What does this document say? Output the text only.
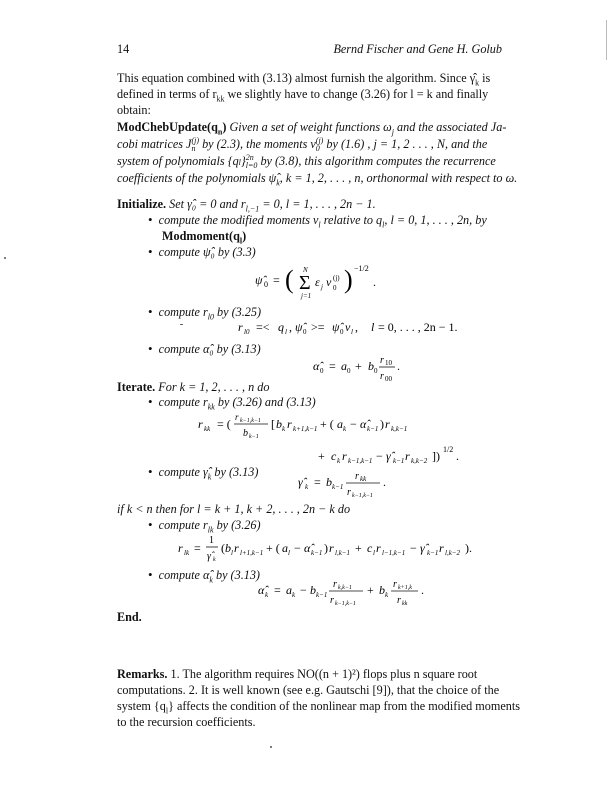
14	Bernd Fischer and Gene H. Golub
This equation combined with (3.13) almost furnish the algorithm. Since $\gammâ_k$ is
defined in terms of $r_{kk}$ we slightly have to change (3.26) for l = k and finally
obtain:
$ModChebUpdate(q_n)$ Given a set of weight functions $\omega_j$ and the associated Ja-
cobi matrices J (j)
n by (2.3), the moments ν (j)
0 by (1.6) , j = 1, 2 . . . , N, and the
system of polynomials {ql} 2n
l=0 by (3.8), this algorithm computes the recurrence
coefficients of the polynomials $\psî_k$, k = 1, 2, . . . , n, orthonormal with respect to ω.
Initialize. Set γ̂₀ = 0 and $r_{l,-1} = 0$, l = 1, . . . , 2n − 1.
• compute the modified moments $\nu_l$ relative to $q_l$, l = 0, 1, . . . , 2n, by
$Modmoment(q_l)$
• compute ψ̂₀ by (3.3)
ψ̂ 0 = ( N
Σ
j=1
ε j ν (j)
0 ) −1/2
.
• compute $r_{l0}$ by (3.25)
r l0 =< q l , ψ̂ 0 >= ψ̂ 0 ν l , l = 0, . . . , 2n − 1.
• compute α̂₀ by (3.13)
α̂ 0 = a 0 + b 0
r 10
r 00
.
Iterate. For k = 1, 2, . . . , n do
• compute $r_{kk}$ by (3.26) and (3.13)
r kk = ( r k−1,k−1
b k−1
[ b k r k+1,k−1 + ( a k − α̂ k−1 ) r k,k−1
+ c k r k−1,k−1 − γ̂ k−1 r k,k−2 ]) 1/2 .
• compute $\gammâ_k$ by (3.13)
γ̂ k = b k−1
r kk
r k−1,k−1
.
if k < n then for l = k + 1, k + 2, . . . , 2n − k do
• compute $r_{lk}$ by (3.26)
r lk =
1
γ̂ k
( b l r l+1,k−1 + ( a l − α̂ k−1 ) r l,k−1 + c l r l−1,k−1 − γ̂ k−1 r l,k−2 ).
• compute $\alphâ_k$ by (3.13)
α̂ k = a k − b k−1
r k,k−1
r k−1,k−1
+ b k
r k+1,k
r kk
.
End.
Remarks. 1. The algorithm requires NO((n + 1)²) flops plus n square root
computations. 2. It is well known (see e.g. Gautschi [9]), that the choice of the
system $\{q_l\}$ affects the condition of the nonlinear map from the modified moments
to the recursion coefficients.
